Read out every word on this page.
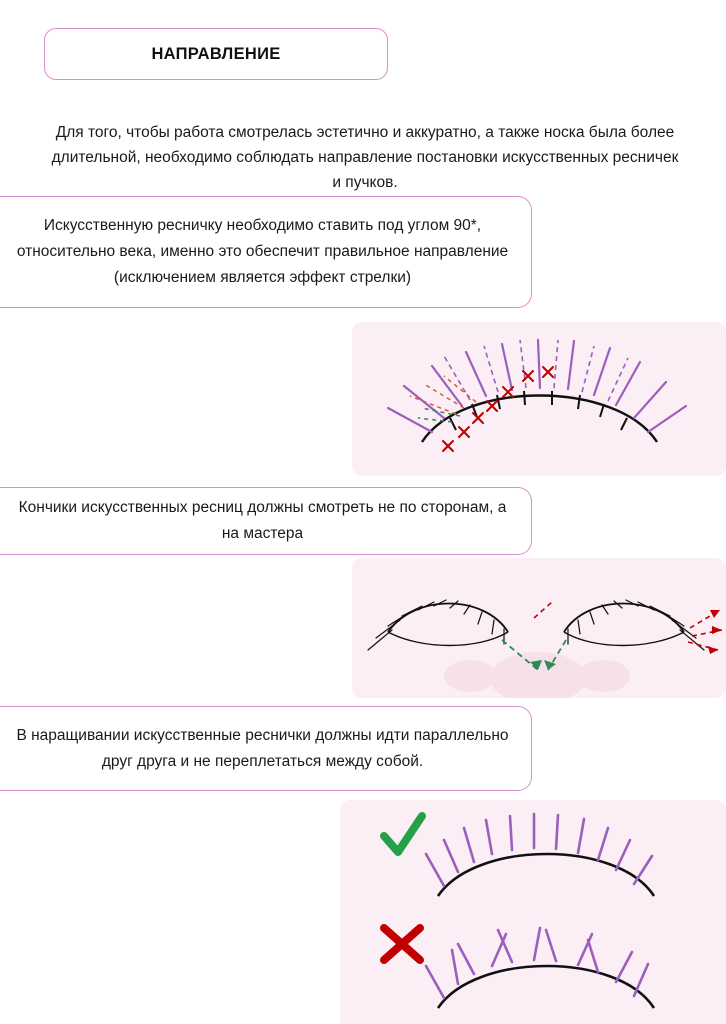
НАПРАВЛЕНИЕ

Для того, чтобы работа смотрелась эстетично и аккуратно, а также носка была более длительной, необходимо соблюдать направление постановки искусственных ресничек и пучков.

Искусственную ресничку необходимо ставить под углом 90*, относительно века, именно это обеспечит правильное направление (исключением является эффект стрелки)
Кончики искусственных ресниц должны смотреть не по сторонам, а на мастера
В наращивании искусственные реснички должны идти параллельно друг друга и не переплетаться между собой.
